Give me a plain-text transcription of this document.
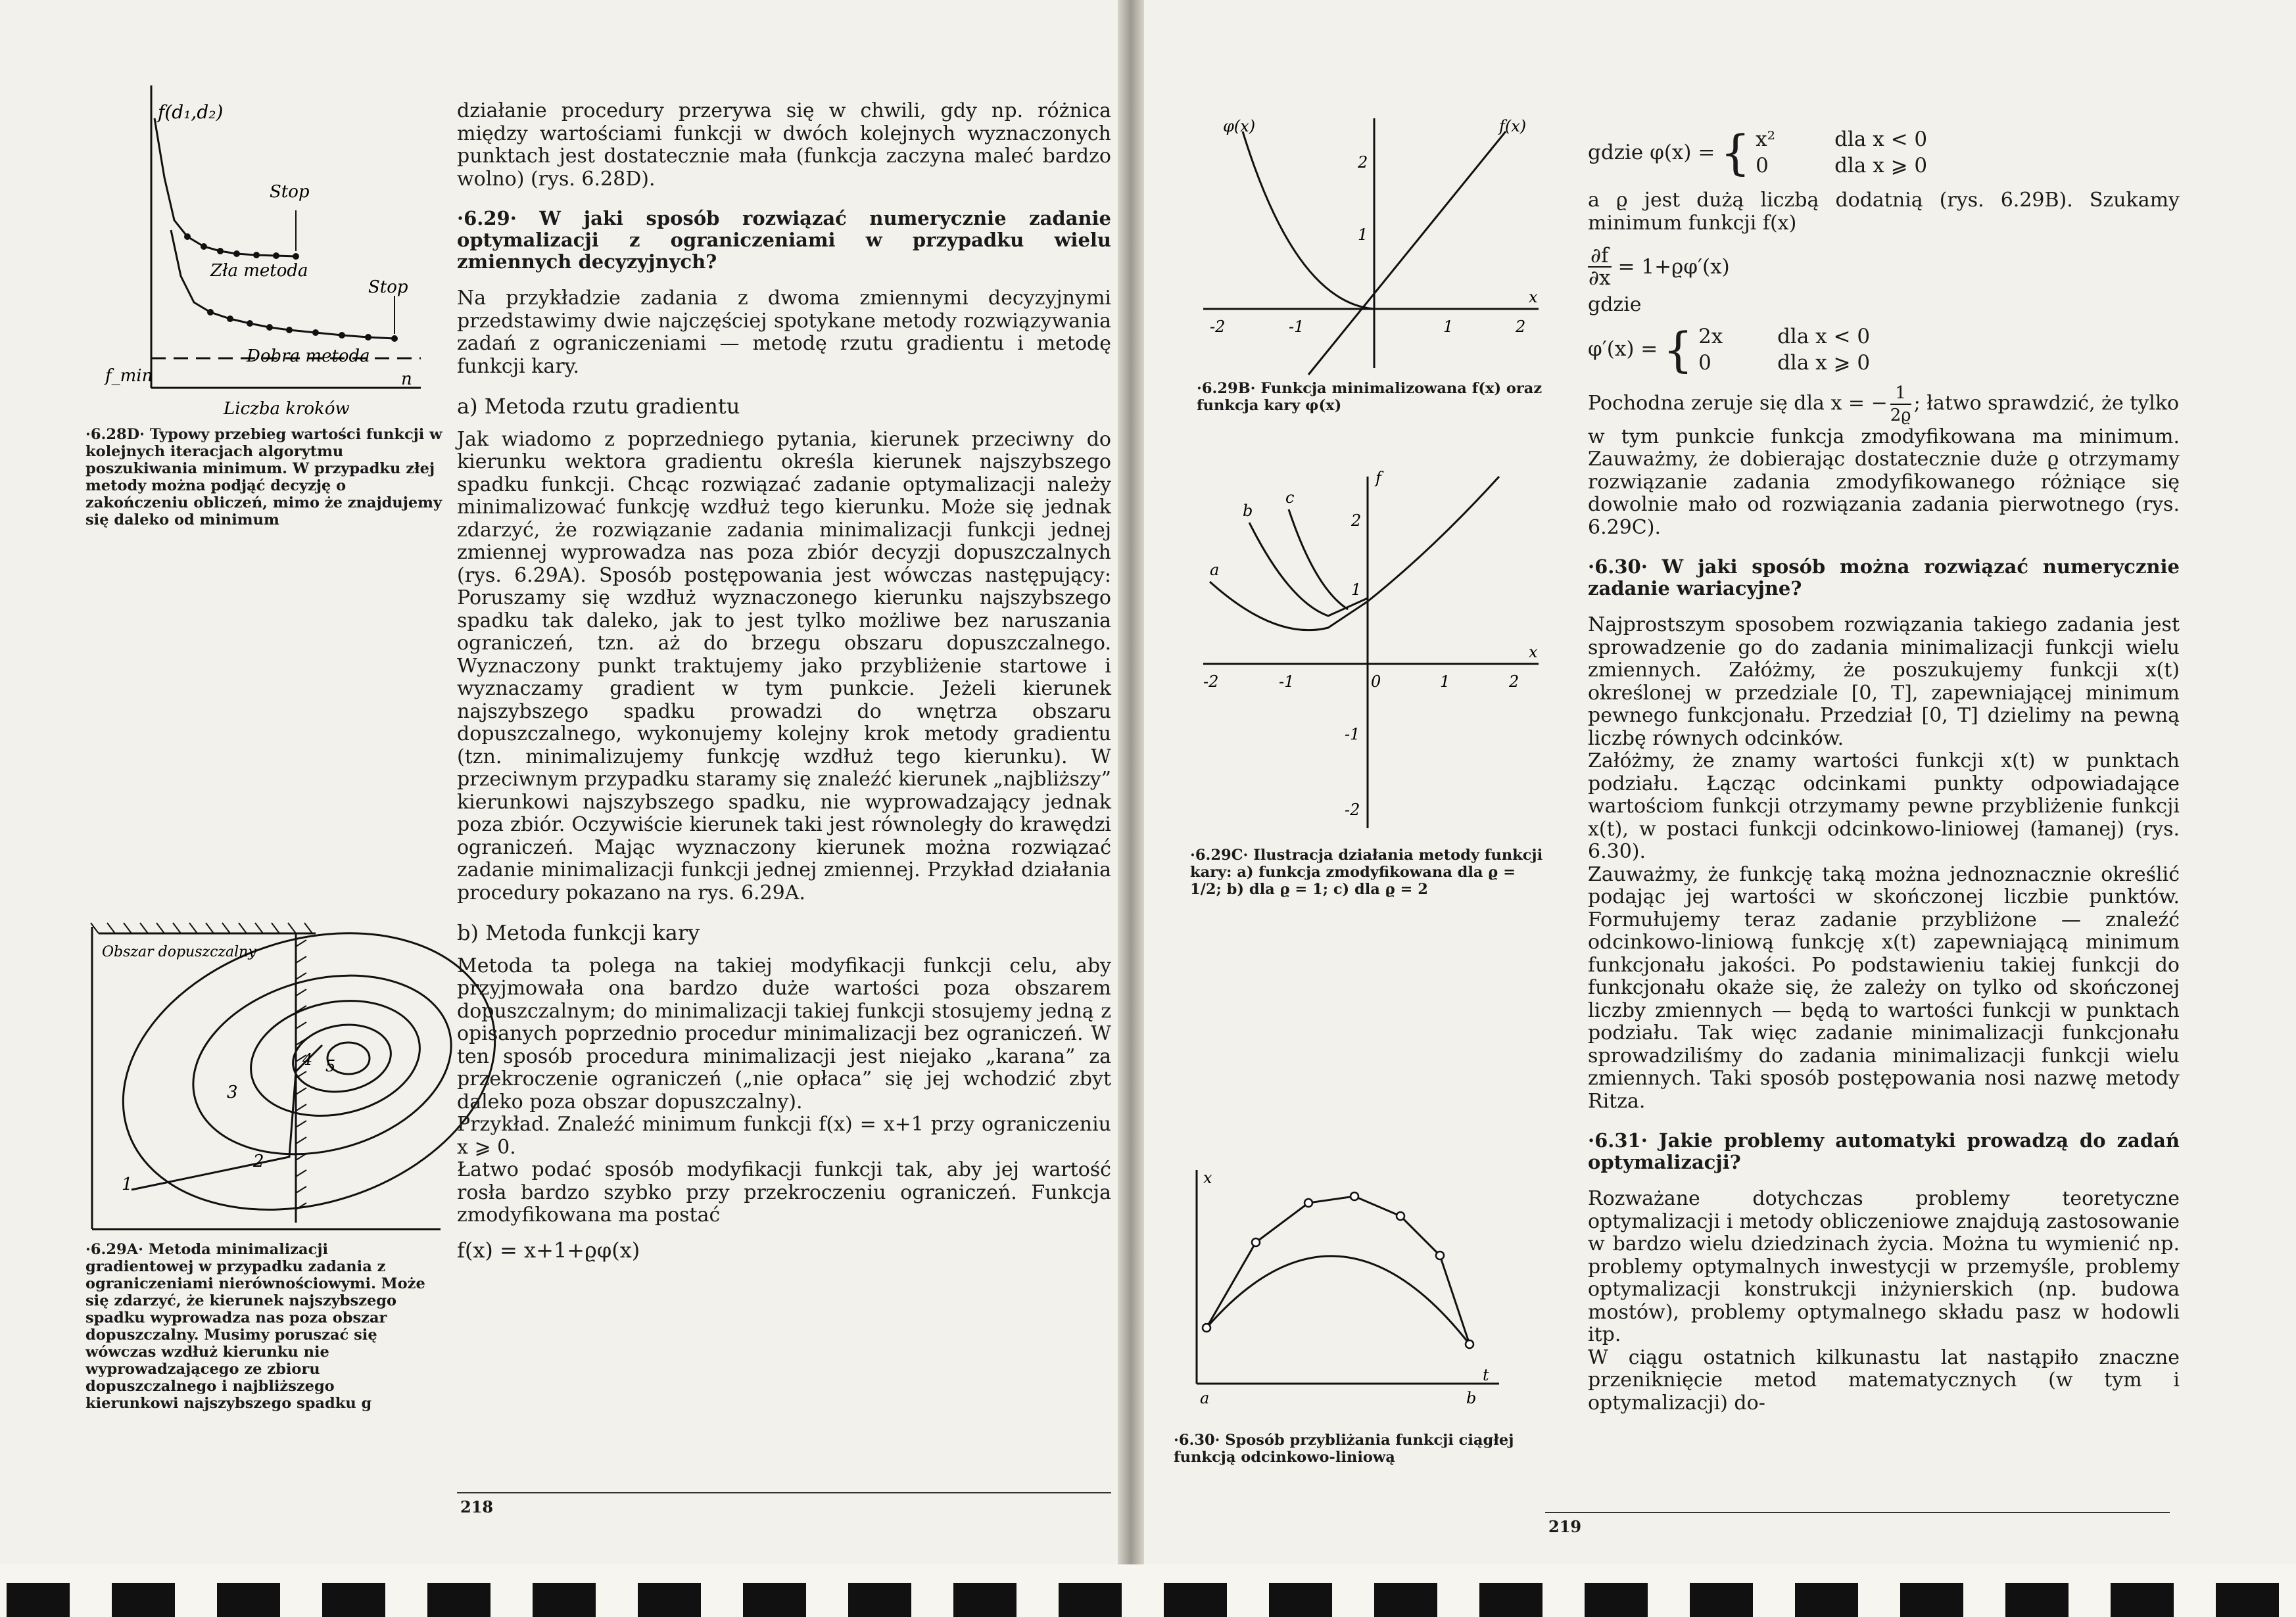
f(d₁,d₂)
Stop
Zła metoda
Stop
Dobra metoda
f_min	n
Liczba kroków

·6.28D· Typowy przebieg wartości funkcji w kolejnych iteracjach algorytmu poszukiwania minimum. W przypadku złej metody można podjąć decyzję o zakończeniu obliczeń, mimo że znajdujemy się daleko od minimum

1
2
3
4 5
Obszar dopuszczalny

·6.29A· Metoda minimalizacji gradientowej w przypadku zadania z ograniczeniami nierównościowymi. Może się zdarzyć, że kierunek najszybszego spadku wyprowadza nas poza obszar dopuszczalny. Musimy poruszać się wówczas wzdłuż kierunku nie wyprowadzającego ze zbioru dopuszczalnego i najbliższego kierunkowi najszybszego spadku g

działanie procedury przerywa się w chwili, gdy np. różnica między wartościami funkcji w dwóch kolejnych wyznaczonych punktach jest dostatecznie mała (funkcja zaczyna maleć bardzo wolno) (rys. 6.28D).

·6.29· W jaki sposób rozwiązać numerycznie zadanie optymalizacji z ograniczeniami w przypadku wielu zmiennych decyzyjnych?

Na przykładzie zadania z dwoma zmiennymi decyzyjnymi przedstawimy dwie najczęściej spotykane metody rozwiązywania zadań z ograniczeniami — metodę rzutu gradientu i metodę funkcji kary.

a) Metoda rzutu gradientu

Jak wiadomo z poprzedniego pytania, kierunek przeciwny do kierunku wektora gradientu określa kierunek najszybszego spadku funkcji. Chcąc rozwiązać zadanie optymalizacji należy minimalizować funkcję wzdłuż tego kierunku. Może się jednak zdarzyć, że rozwiązanie zadania minimalizacji funkcji jednej zmiennej wyprowadza nas poza zbiór decyzji dopuszczalnych (rys. 6.29A). Sposób postępowania jest wówczas następujący: Poruszamy się wzdłuż wyznaczonego kierunku najszybszego spadku tak daleko, jak to jest tylko możliwe bez naruszania ograniczeń, tzn. aż do brzegu obszaru dopuszczalnego. Wyznaczony punkt traktujemy jako przybliżenie startowe i wyznaczamy gradient w tym punkcie. Jeżeli kierunek najszybszego spadku prowadzi do wnętrza obszaru dopuszczalnego, wykonujemy kolejny krok metody gradientu (tzn. minimalizujemy funkcję wzdłuż tego kierunku). W przeciwnym przypadku staramy się znaleźć kierunek „najbliższy” kierunkowi najszybszego spadku, nie wyprowadzający jednak poza zbiór. Oczywiście kierunek taki jest równoległy do krawędzi ograniczeń. Mając wyznaczony kierunek można rozwiązać zadanie minimalizacji funkcji jednej zmiennej. Przykład działania procedury pokazano na rys. 6.29A.

b) Metoda funkcji kary

Metoda ta polega na takiej modyfikacji funkcji celu, aby przyjmowała ona bardzo duże wartości poza obszarem dopuszczalnym; do minimalizacji takiej funkcji stosujemy jedną z opisanych poprzednio procedur minimalizacji bez ograniczeń. W ten sposób procedura minimalizacji jest niejako „karana” za przekroczenie ograniczeń („nie opłaca” się jej wchodzić zbyt daleko poza obszar dopuszczalny).

Przykład. Znaleźć minimum funkcji f(x) = x+1 przy ograniczeniu x ⩾ 0.

Łatwo podać sposób modyfikacji funkcji tak, aby jej wartość rosła bardzo szybko przy przekroczeniu ograniczeń. Funkcja zmodyfikowana ma postać

f(x) = x+1+ϱφ(x)

218
φ(x)	f(x)
x
-2	-1	1	2
1
2

·6.29B· Funkcja minimalizowana f(x) oraz funkcja kary φ(x)

a
b
c
f
x
-2	-1	0	1	2
1
2
-1
-2

·6.29C· Ilustracja działania metody funkcji kary: a) funkcja zmodyfikowana dla ϱ = 1/2; b) dla ϱ = 1; c) dla ϱ = 2

x
t
a	b

·6.30· Sposób przybliżania funkcji ciągłej funkcją odcinkowo-liniową

gdzie φ(x) = { x²	dla x < 0
0	dla x ⩾ 0

a ϱ jest dużą liczbą dodatnią (rys. 6.29B). Szukamy minimum funkcji f(x)

$\frac{\partial f}{\partial x} = 1+ϱ\varphi'(x)$

gdzie

φ′(x) = { 2x	dla x < 0
0	dla x ⩾ 0

Pochodna zeruje się dla x = − $\frac{1}{2ϱ}$ ; łatwo sprawdzić, że tylko

w tym punkcie funkcja zmodyfikowana ma minimum. Zauważmy, że dobierając dostatecznie duże ϱ otrzymamy rozwiązanie zadania zmodyfikowanego różniące się dowolnie mało od rozwiązania zadania pierwotnego (rys. 6.29C).

·6.30· W jaki sposób można rozwiązać numerycznie zadanie wariacyjne?

Najprostszym sposobem rozwiązania takiego zadania jest sprowadzenie go do zadania minimalizacji funkcji wielu zmiennych. Załóżmy, że poszukujemy funkcji x(t) określonej w przedziale [0, T], zapewniającej minimum pewnego funkcjonału. Przedział [0, T] dzielimy na pewną liczbę równych odcinków.

Załóżmy, że znamy wartości funkcji x(t) w punktach podziału. Łącząc odcinkami punkty odpowiadające wartościom funkcji otrzymamy pewne przybliżenie funkcji x(t), w postaci funkcji odcinkowo-liniowej (łamanej) (rys. 6.30).

Zauważmy, że funkcję taką można jednoznacznie określić podając jej wartości w skończonej liczbie punktów. Formułujemy teraz zadanie przybliżone — znaleźć odcinkowo-liniową funkcję x(t) zapewniającą minimum funkcjonału jakości. Po podstawieniu takiej funkcji do funkcjonału okaże się, że zależy on tylko od skończonej liczby zmiennych — będą to wartości funkcji w punktach podziału. Tak więc zadanie minimalizacji funkcjonału sprowadziliśmy do zadania minimalizacji funkcji wielu zmiennych. Taki sposób postępowania nosi nazwę metody Ritza.

·6.31· Jakie problemy automatyki prowadzą do zadań optymalizacji?

Rozważane dotychczas problemy teoretyczne optymalizacji i metody obliczeniowe znajdują zastosowanie w bardzo wielu dziedzinach życia. Można tu wymienić np. problemy optymalnych inwestycji w przemyśle, problemy optymalizacji konstrukcji inżynierskich (np. budowa mostów), problemy optymalnego składu pasz w hodowli itp.

W ciągu ostatnich kilkunastu lat nastąpiło znaczne przeniknięcie metod matematycznych (w tym i optymalizacji) do-

219
